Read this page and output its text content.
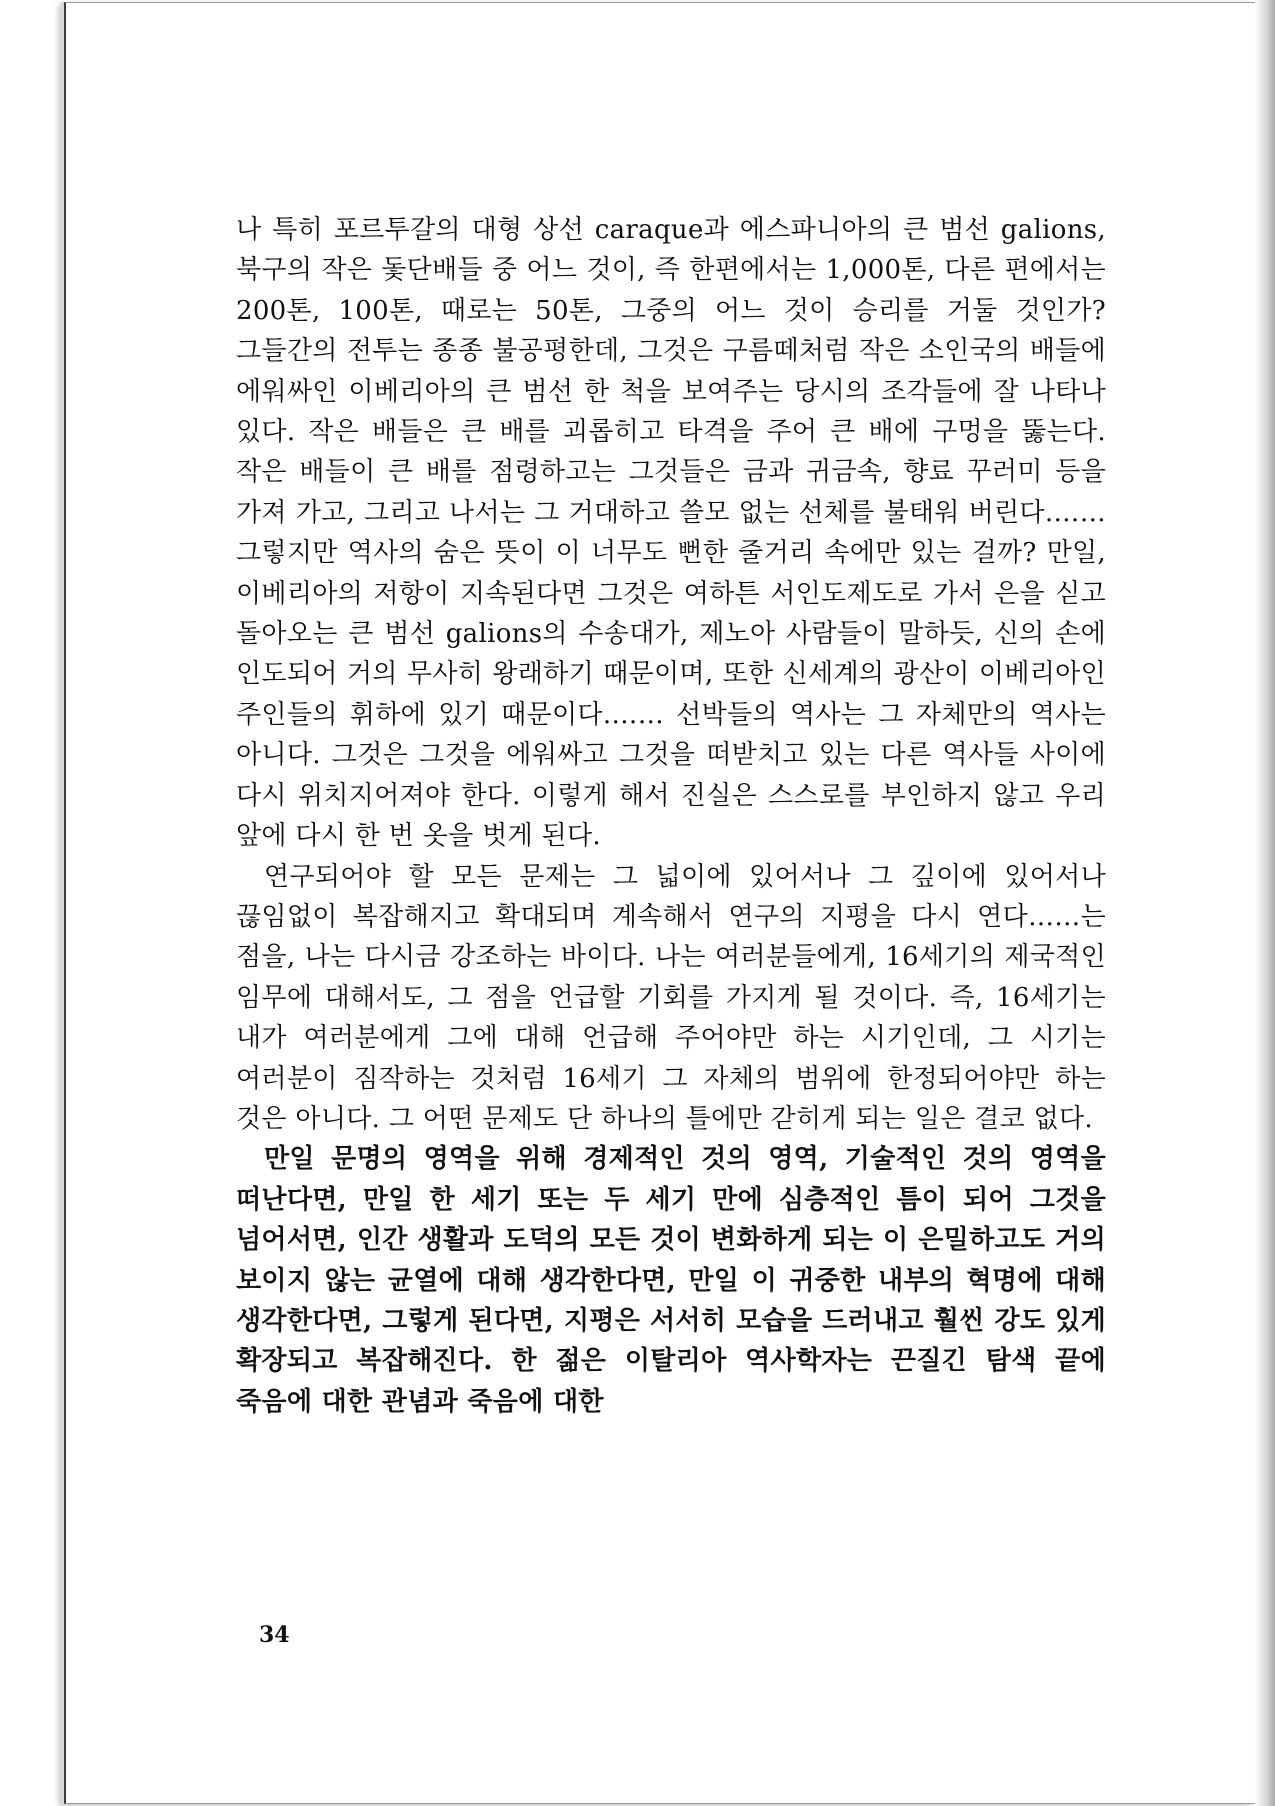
나 특히 포르투갈의 대형 상선 caraque과 에스파니아의 큰 범선 galions, 북구의 작은 돛단배들 중 어느 것이, 즉 한편에서는 1,000톤, 다른 편에서는 200톤, 100톤, 때로는 50톤, 그중의 어느 것이 승리를 거둘 것인가? 그들간의 전투는 종종 불공평한데, 그것은 구름떼처럼 작은 소인국의 배들에 에워싸인 이베리아의 큰 범선 한 척을 보여주는 당시의 조각들에 잘 나타나 있다. 작은 배들은 큰 배를 괴롭히고 타격을 주어 큰 배에 구멍을 뚫는다. 작은 배들이 큰 배를 점령하고는 그것들은 금과 귀금속, 향료 꾸러미 등을 가져 가고, 그리고 나서는 그 거대하고 쓸모 없는 선체를 불태워 버린다.…… 그렇지만 역사의 숨은 뜻이 이 너무도 뻔한 줄거리 속에만 있는 걸까? 만일, 이베리아의 저항이 지속된다면 그것은 여하튼 서인도제도로 가서 은을 싣고 돌아오는 큰 범선 galions의 수송대가, 제노아 사람들이 말하듯, 신의 손에 인도되어 거의 무사히 왕래하기 때문이며, 또한 신세계의 광산이 이베리아인 주인들의 휘하에 있기 때문이다.…… 선박들의 역사는 그 자체만의 역사는 아니다. 그것은 그것을 에워싸고 그것을 떠받치고 있는 다른 역사들 사이에 다시 위치지어져야 한다. 이렇게 해서 진실은 스스로를 부인하지 않고 우리 앞에 다시 한 번 옷을 벗게 된다.

연구되어야 할 모든 문제는 그 넓이에 있어서나 그 깊이에 있어서나 끊임없이 복잡해지고 확대되며 계속해서 연구의 지평을 다시 연다……는 점을, 나는 다시금 강조하는 바이다. 나는 여러분들에게, 16세기의 제국적인 임무에 대해서도, 그 점을 언급할 기회를 가지게 될 것이다. 즉, 16세기는 내가 여러분에게 그에 대해 언급해 주어야만 하는 시기인데, 그 시기는 여러분이 짐작하는 것처럼 16세기 그 자체의 범위에 한정되어야만 하는 것은 아니다. 그 어떤 문제도 단 하나의 틀에만 갇히게 되는 일은 결코 없다.

만일 문명의 영역을 위해 경제적인 것의 영역, 기술적인 것의 영역을 떠난다면, 만일 한 세기 또는 두 세기 만에 심층적인 틈이 되어 그것을 넘어서면, 인간 생활과 도덕의 모든 것이 변화하게 되는 이 은밀하고도 거의 보이지 않는 균열에 대해 생각한다면, 만일 이 귀중한 내부의 혁명에 대해 생각한다면, 그렇게 된다면, 지평은 서서히 모습을 드러내고 훨씬 강도 있게 확장되고 복잡해진다. 한 젊은 이탈리아 역사학자는 끈질긴 탐색 끝에 죽음에 대한 관념과 죽음에 대한

34
